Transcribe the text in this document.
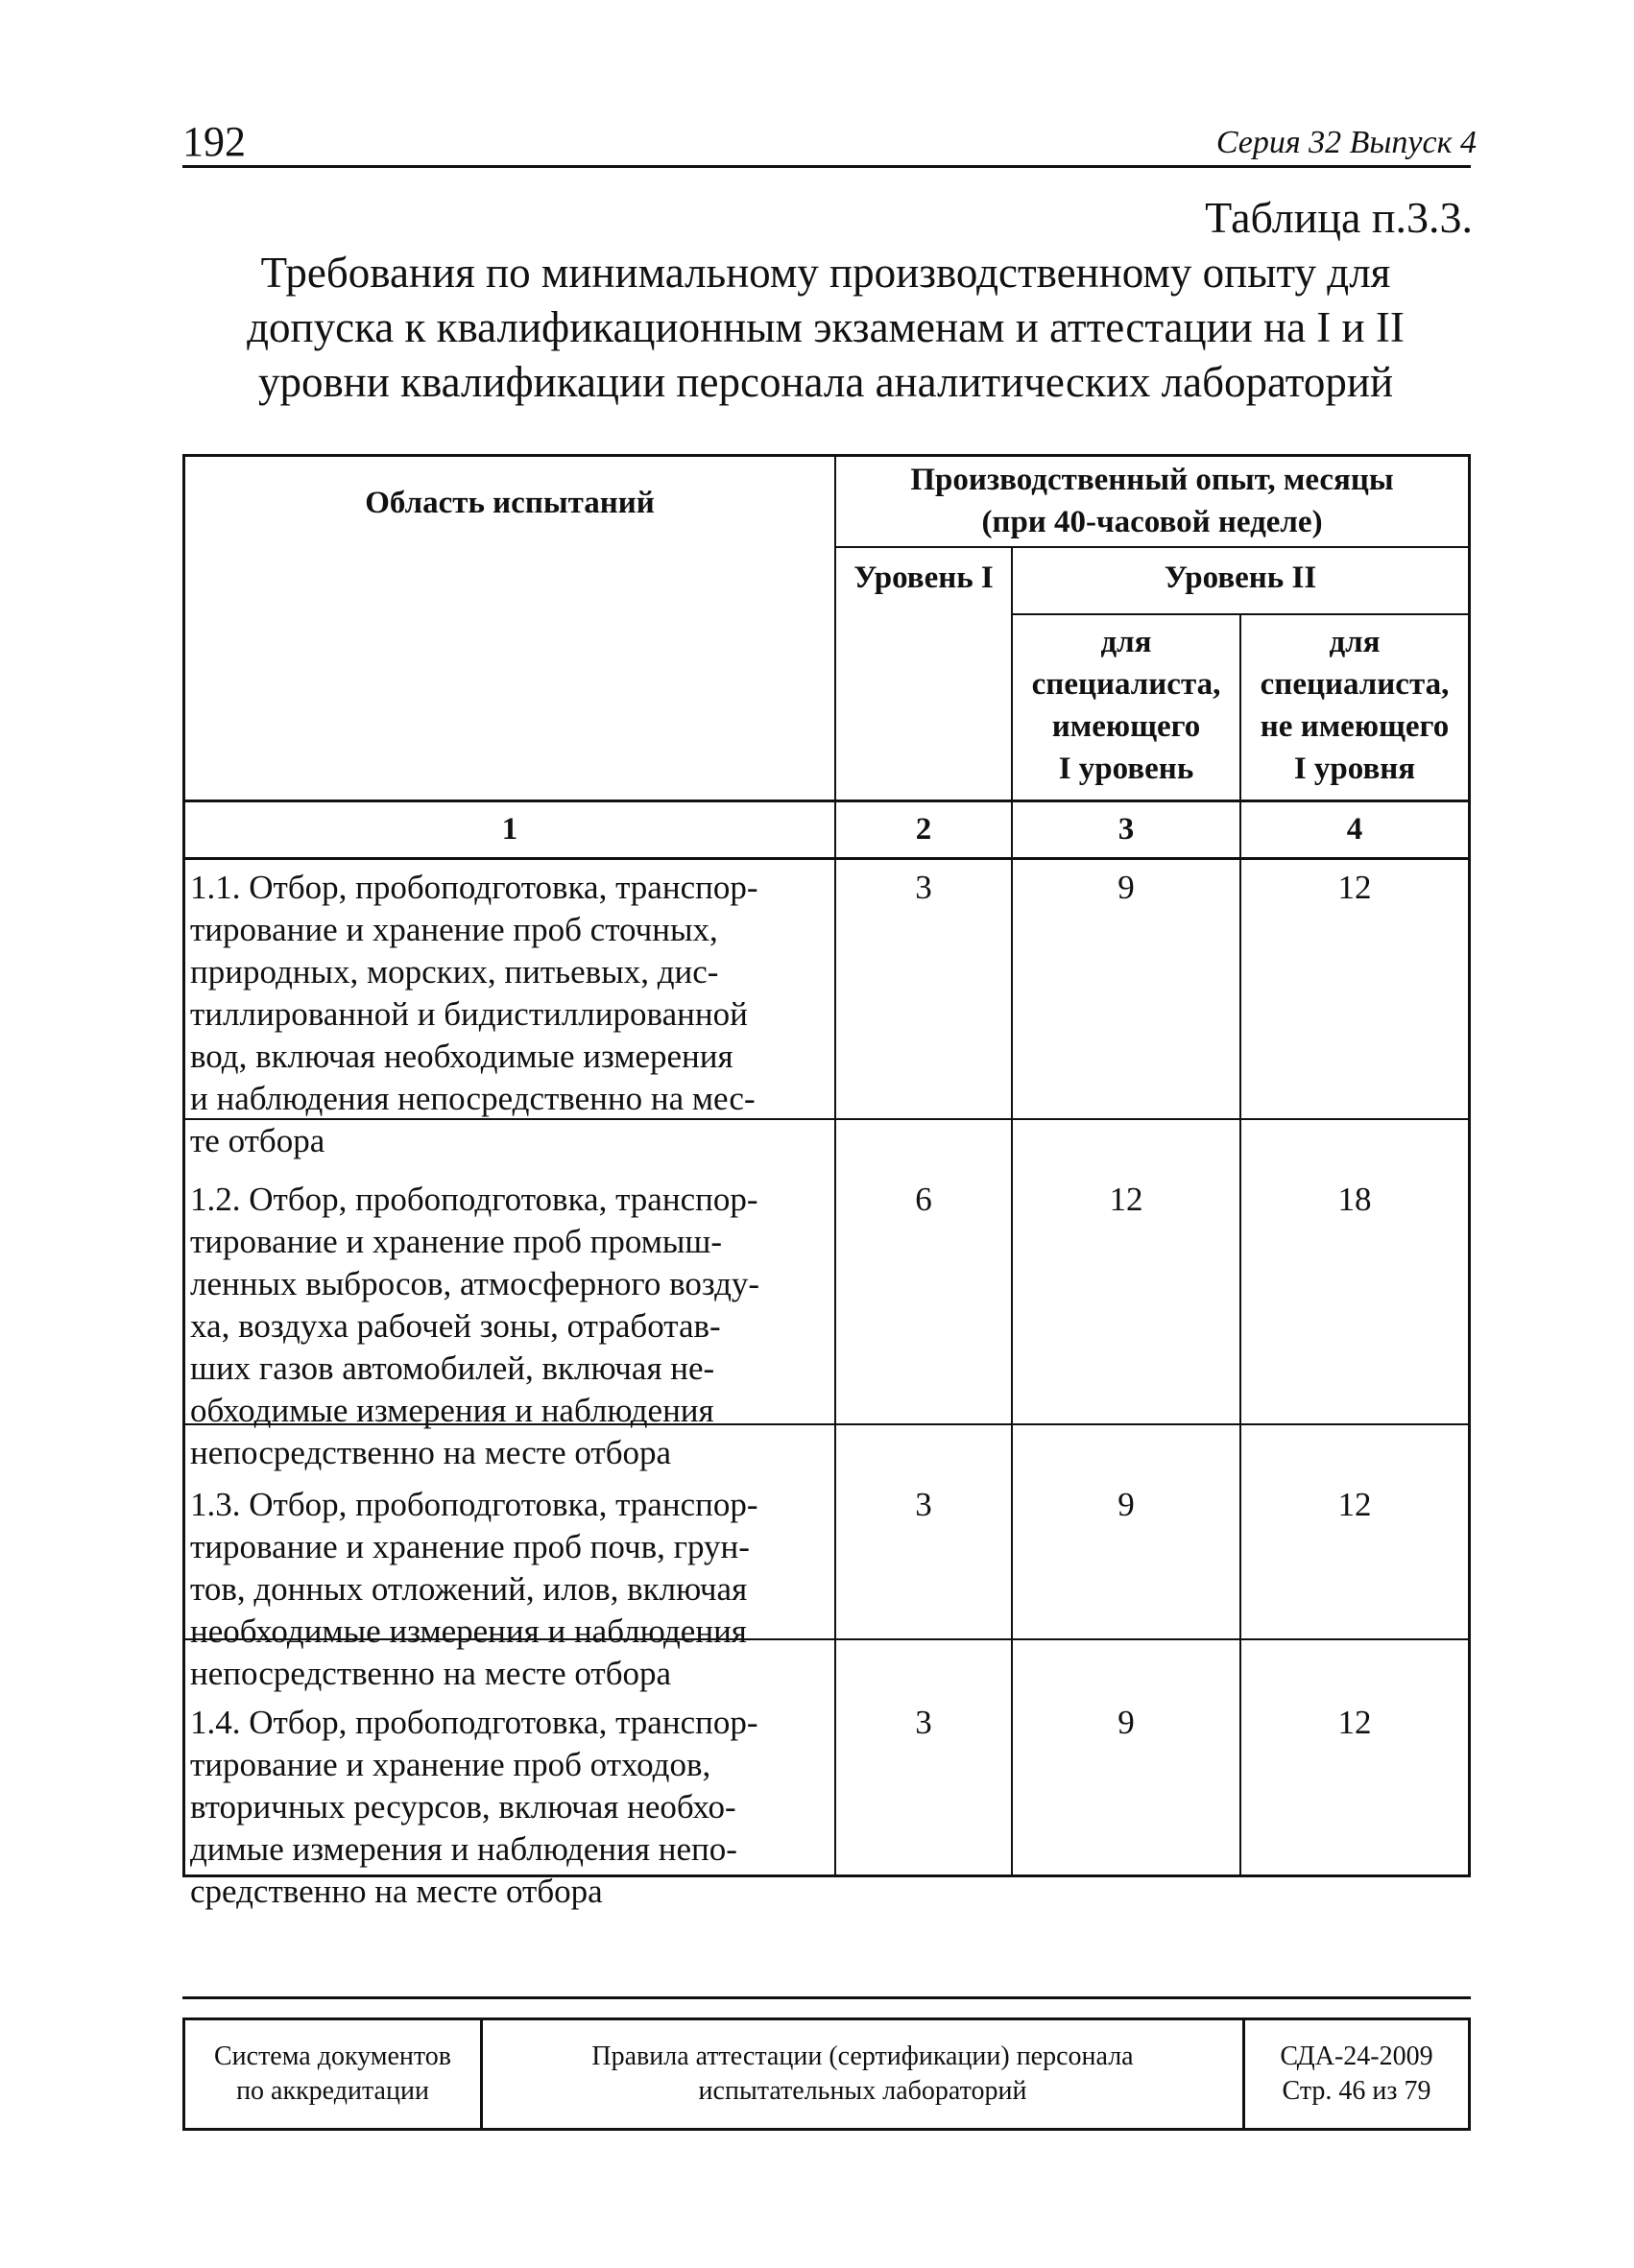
192	Серия 32 Выпуск 4
Таблица п.3.3.
Требования по минимальному производственному опыту для
допуска к квалификационным экзаменам и аттестации на I и II
уровни квалификации персонала аналитических лабораторий
Область испытаний
Производственный опыт, месяцы
(при 40-часовой неделе)
Уровень I	Уровень II
для
специалиста,
имеющего
I уровень
для
специалиста,
не имеющего
I уровня
1	2	3	4
1.1. Отбор, пробоподготовка, транспор-
тирование и хранение проб сточных,
природных, морских, питьевых, дис-
тиллированной и бидистиллированной
вод, включая необходимые измерения
и наблюдения непосредственно на мес-
те отбора
3	9	12
1.2. Отбор, пробоподготовка, транспор-
тирование и хранение проб промыш-
ленных выбросов, атмосферного возду-
ха, воздуха рабочей зоны, отработав-
ших газов автомобилей, включая не-
обходимые измерения и наблюдения
непосредственно на месте отбора
6	12	18
1.3. Отбор, пробоподготовка, транспор-
тирование и хранение проб почв, грун-
тов, донных отложений, илов, включая
необходимые измерения и наблюдения
непосредственно на месте отбора
3	9	12
1.4. Отбор, пробоподготовка, транспор-
тирование и хранение проб отходов,
вторичных ресурсов, включая необхо-
димые измерения и наблюдения непо-
средственно на месте отбора
3	9	12
Система документов
по аккредитации
Правила аттестации (сертификации) персонала
испытательных лабораторий
СДА-24-2009
Стр. 46 из 79
